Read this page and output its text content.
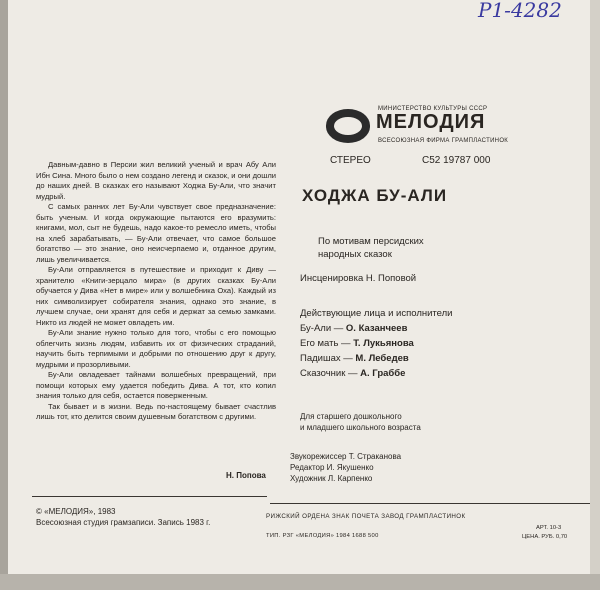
P1-4282
МИНИСТЕРСТВО КУЛЬТУРЫ СССР
МЕЛОДИЯ
ВСЕСОЮЗНАЯ ФИРМА ГРАМПЛАСТИНОК
СТЕРЕО	С52 19787 000
ХОДЖА БУ-АЛИ
По мотивам персидских
народных сказок
Инсценировка Н. Поповой
Действующие лица и исполнители
Бу-Али — О. Казанчеев
Его мать — Т. Лукьянова
Падишах — М. Лебедев
Сказочник — А. Граббе
Для старшего дошкольного
и младшего школьного возраста
Звукорежиссер Т. Страканова
Редактор И. Якушенко
Художник Л. Карпенко

Давным-давно в Персии жил великий ученый и врач Абу Али Ибн Сина. Много было о нем создано легенд и сказок, и они дошли до наших дней. В сказках его называют Ходжа Бу-Али, что значит мудрый.

С самых ранних лет Бу-Али чувствует свое предназначение: быть ученым. И когда окружающие пытаются его вразумить: книгами, мол, сыт не будешь, надо какое-то ремесло иметь, чтобы на хлеб зарабатывать, — Бу-Али отвечает, что самое большое богатство — это знание, оно неисчерпаемо и, отданное другим, лишь увеличивается.

Бу-Али отправляется в путешествие и приходит к Диву — хранителю «Книги-зерцало мира» (в других сказках Бу-Али обучается у Дива «Нет в мире» или у волшебника Оха). Каждый из них символизирует собирателя знания, однако это знание, в лучшем случае, они хранят для себя и держат за семью замками. Никто из людей не может овладеть им.

Бу-Али знание нужно только для того, чтобы с его помощью облегчить жизнь людям, избавить их от физических страданий, научить быть терпимыми и добрыми по отношению друг к другу, мудрыми и прозорливыми.

Бу-Али овладевает тайнами волшебных превращений, при помощи которых ему удается победить Дива. А тот, кто копил знания только для себя, остается поверженным.

Так бывает и в жизни. Ведь по-настоящему бывает счастлив лишь тот, кто делится своим душевным богатством с другими.

Н. Попова
© «МЕЛОДИЯ», 1983
Всесоюзная студия грамзаписи. Запись 1983 г.
РИЖСКИЙ ОРДЕНА ЗНАК ПОЧЕТА ЗАВОД ГРАМПЛАСТИНОК
ТИП. РЗГ «МЕЛОДИЯ» 1984 1688 500
АРТ. 10-3
ЦЕНА. РУБ. 0,70
